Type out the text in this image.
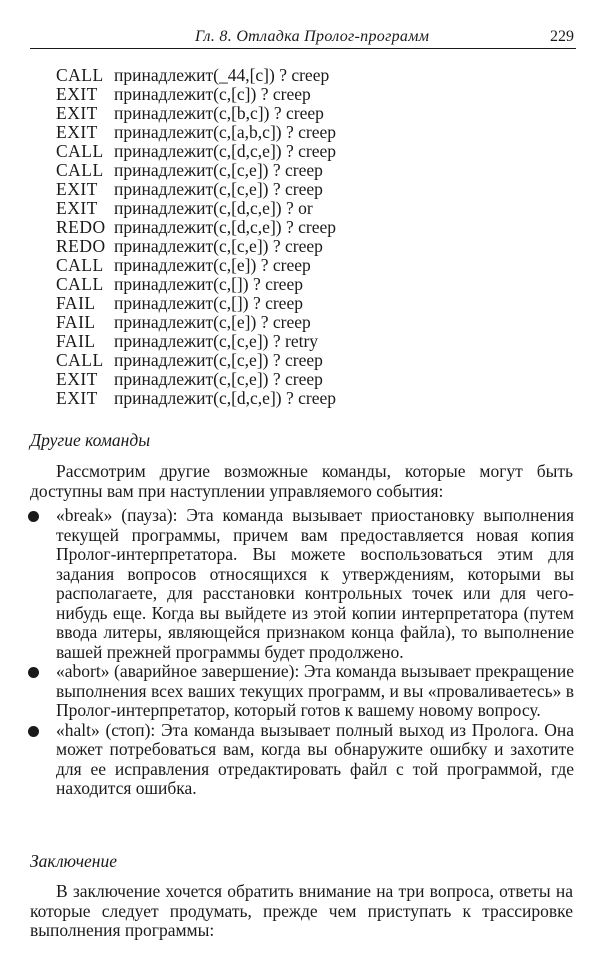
Гл. 8. Отладка Пролог-программ	229
CALL принадлежит(_44,[c]) ? creep
EXIT принадлежит(c,[c]) ? creep
EXIT принадлежит(c,[b,c]) ? creep
EXIT принадлежит(c,[a,b,c]) ? creep
CALL принадлежит(c,[d,c,e]) ? creep
CALL принадлежит(c,[c,e]) ? creep
EXIT принадлежит(c,[c,e]) ? creep
EXIT принадлежит(c,[d,c,e]) ? or
REDO принадлежит(c,[d,c,e]) ? creep
REDO принадлежит(c,[c,e]) ? creep
CALL принадлежит(c,[e]) ? creep
CALL принадлежит(c,[]) ? creep
FAIL принадлежит(c,[]) ? creep
FAIL принадлежит(c,[e]) ? creep
FAIL принадлежит(c,[c,e]) ? retry
CALL принадлежит(c,[c,e]) ? creep
EXIT принадлежит(c,[c,e]) ? creep
EXIT принадлежит(c,[d,c,e]) ? creep
Другие команды

Рассмотрим другие возможные команды, которые могут быть доступны вам при наступлении управляемого события:

«break» (пауза): Эта команда вызывает приостановку выполнения текущей программы, причем вам предоставляется новая копия Пролог-интерпретатора. Вы можете воспользоваться этим для задания вопросов относящихся к утверждениям, которыми вы располагаете, для расстановки контрольных точек или для чего-нибудь еще. Когда вы выйдете из этой копии интерпретатора (путем ввода литеры, являющейся признаком конца файла), то выполнение вашей прежней программы будет продолжено.
«abort» (аварийное завершение): Эта команда вызывает прекращение выполнения всех ваших текущих программ, и вы «проваливаетесь» в Пролог-интерпретатор, который готов к вашему новому вопросу.
«halt» (стоп): Эта команда вызывает полный выход из Пролога. Она может потребоваться вам, когда вы обнаружите ошибку и захотите для ее исправления отредактировать файл с той программой, где находится ошибка.
Заключение

В заключение хочется обратить внимание на три вопроса, ответы на которые следует продумать, прежде чем приступать к трассировке выполнения программы:
